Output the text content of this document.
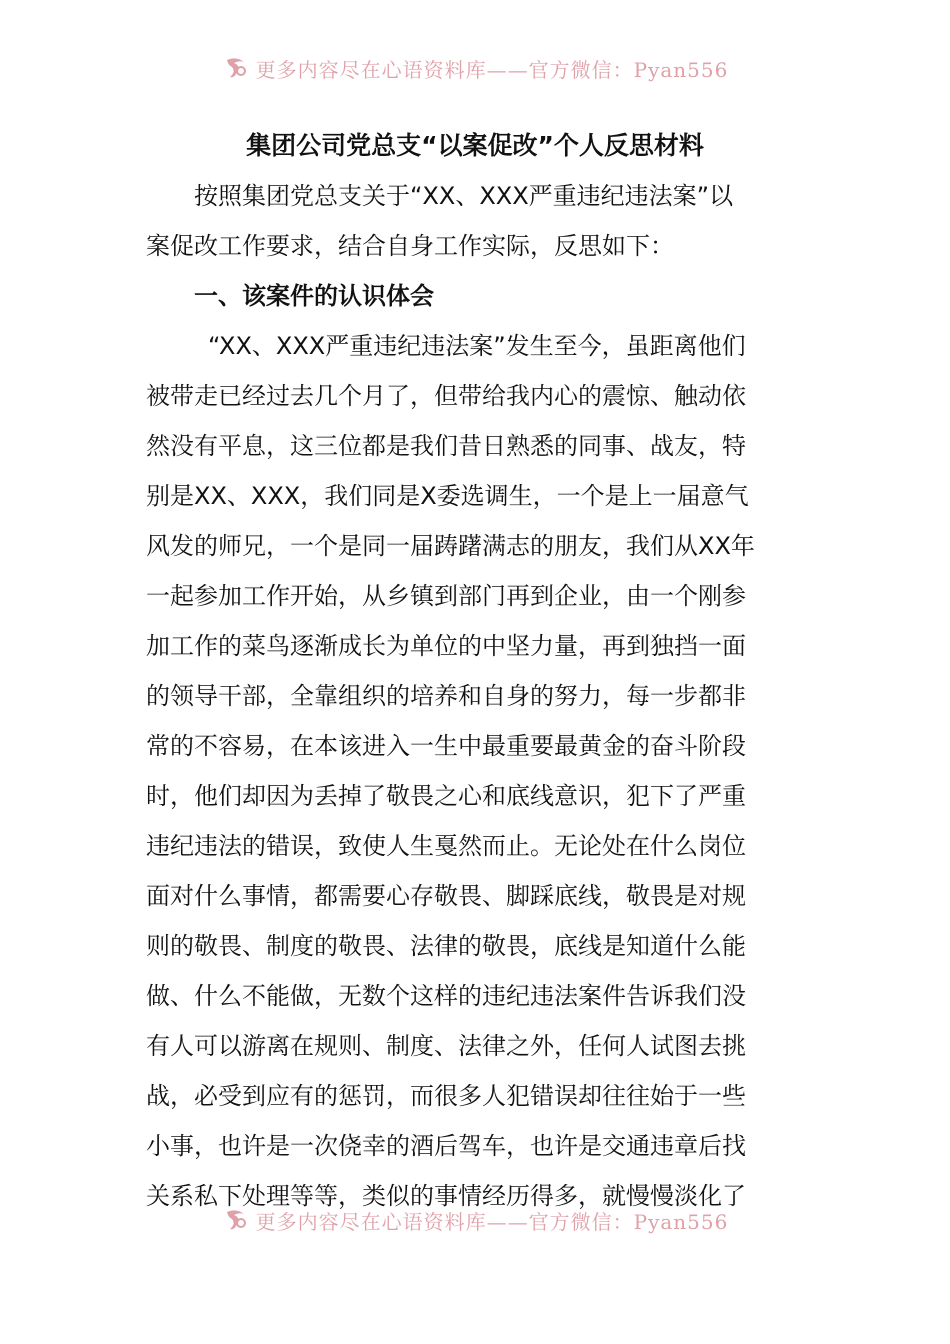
更多内容尽在心语资料库——官方微信：Pyan556
集团公司党总支“以案促改”个人反思材料

按照集团党总支关于“XX、XXX严重违纪违法案”以
案促改工作要求，结合自身工作实际，反思如下：

一、该案件的认识体会

“XX、XXX严重违纪违法案”发生至今，虽距离他们
被带走已经过去几个月了，但带给我内心的震惊、触动依
然没有平息，这三位都是我们昔日熟悉的同事、战友，特
别是XX、XXX，我们同是X委选调生，一个是上一届意气
风发的师兄，一个是同一届踌躇满志的朋友，我们从XX年
一起参加工作开始，从乡镇到部门再到企业，由一个刚参
加工作的菜鸟逐渐成长为单位的中坚力量，再到独挡一面
的领导干部，全靠组织的培养和自身的努力，每一步都非
常的不容易，在本该进入一生中最重要最黄金的奋斗阶段
时，他们却因为丢掉了敬畏之心和底线意识，犯下了严重
违纪违法的错误，致使人生戛然而止。无论处在什么岗位
面对什么事情，都需要心存敬畏、脚踩底线，敬畏是对规
则的敬畏、制度的敬畏、法律的敬畏，底线是知道什么能
做、什么不能做，无数个这样的违纪违法案件告诉我们没
有人可以游离在规则、制度、法律之外，任何人试图去挑
战，必受到应有的惩罚，而很多人犯错误却往往始于一些
小事，也许是一次侥幸的酒后驾车，也许是交通违章后找
关系私下处理等等，类似的事情经历得多，就慢慢淡化了

更多内容尽在心语资料库——官方微信：Pyan556
